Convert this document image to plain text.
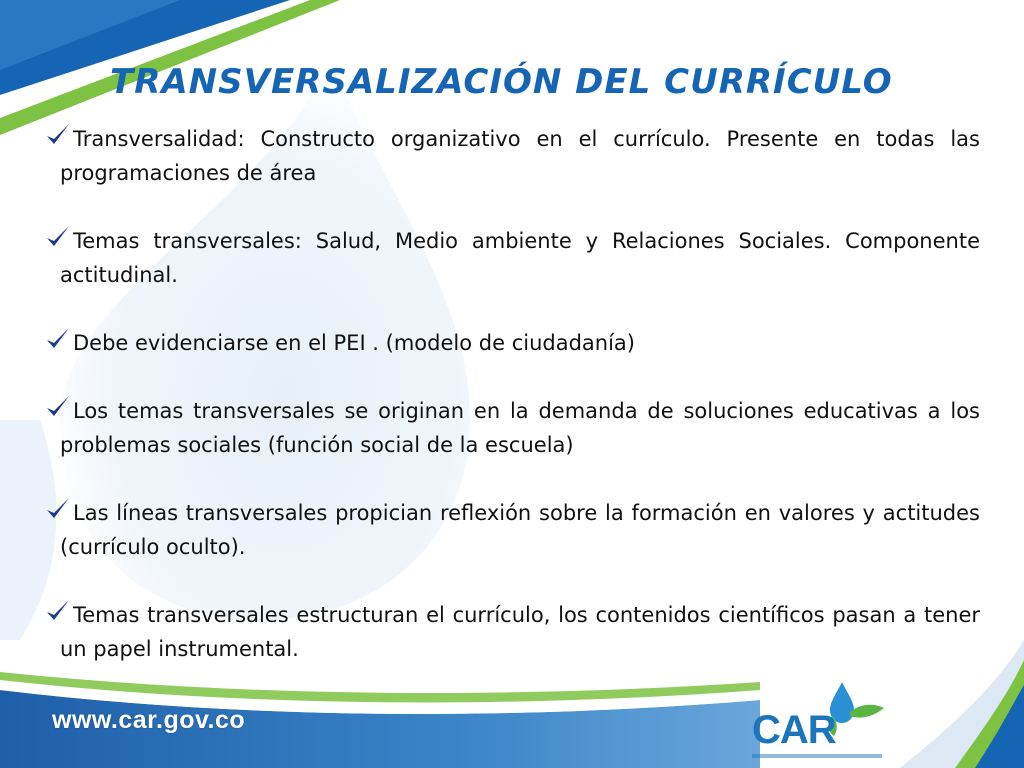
TRANSVERSALIZACIÓN DEL CURRÍCULO
Transversalidad: Constructo organizativo en el currículo. Presente en todas las programaciones de área
Temas transversales: Salud, Medio ambiente y Relaciones Sociales. Componente actitudinal.
Debe evidenciarse en el PEI . (modelo de ciudadanía)
Los temas transversales se originan en la demanda de soluciones educativas a los problemas sociales (función social de la escuela)
Las líneas transversales propician reflexión sobre la formación en valores y actitudes (currículo oculto).
Temas transversales estructuran el currículo, los contenidos científicos pasan a tener un papel instrumental.
www.car.gov.co	CAR
